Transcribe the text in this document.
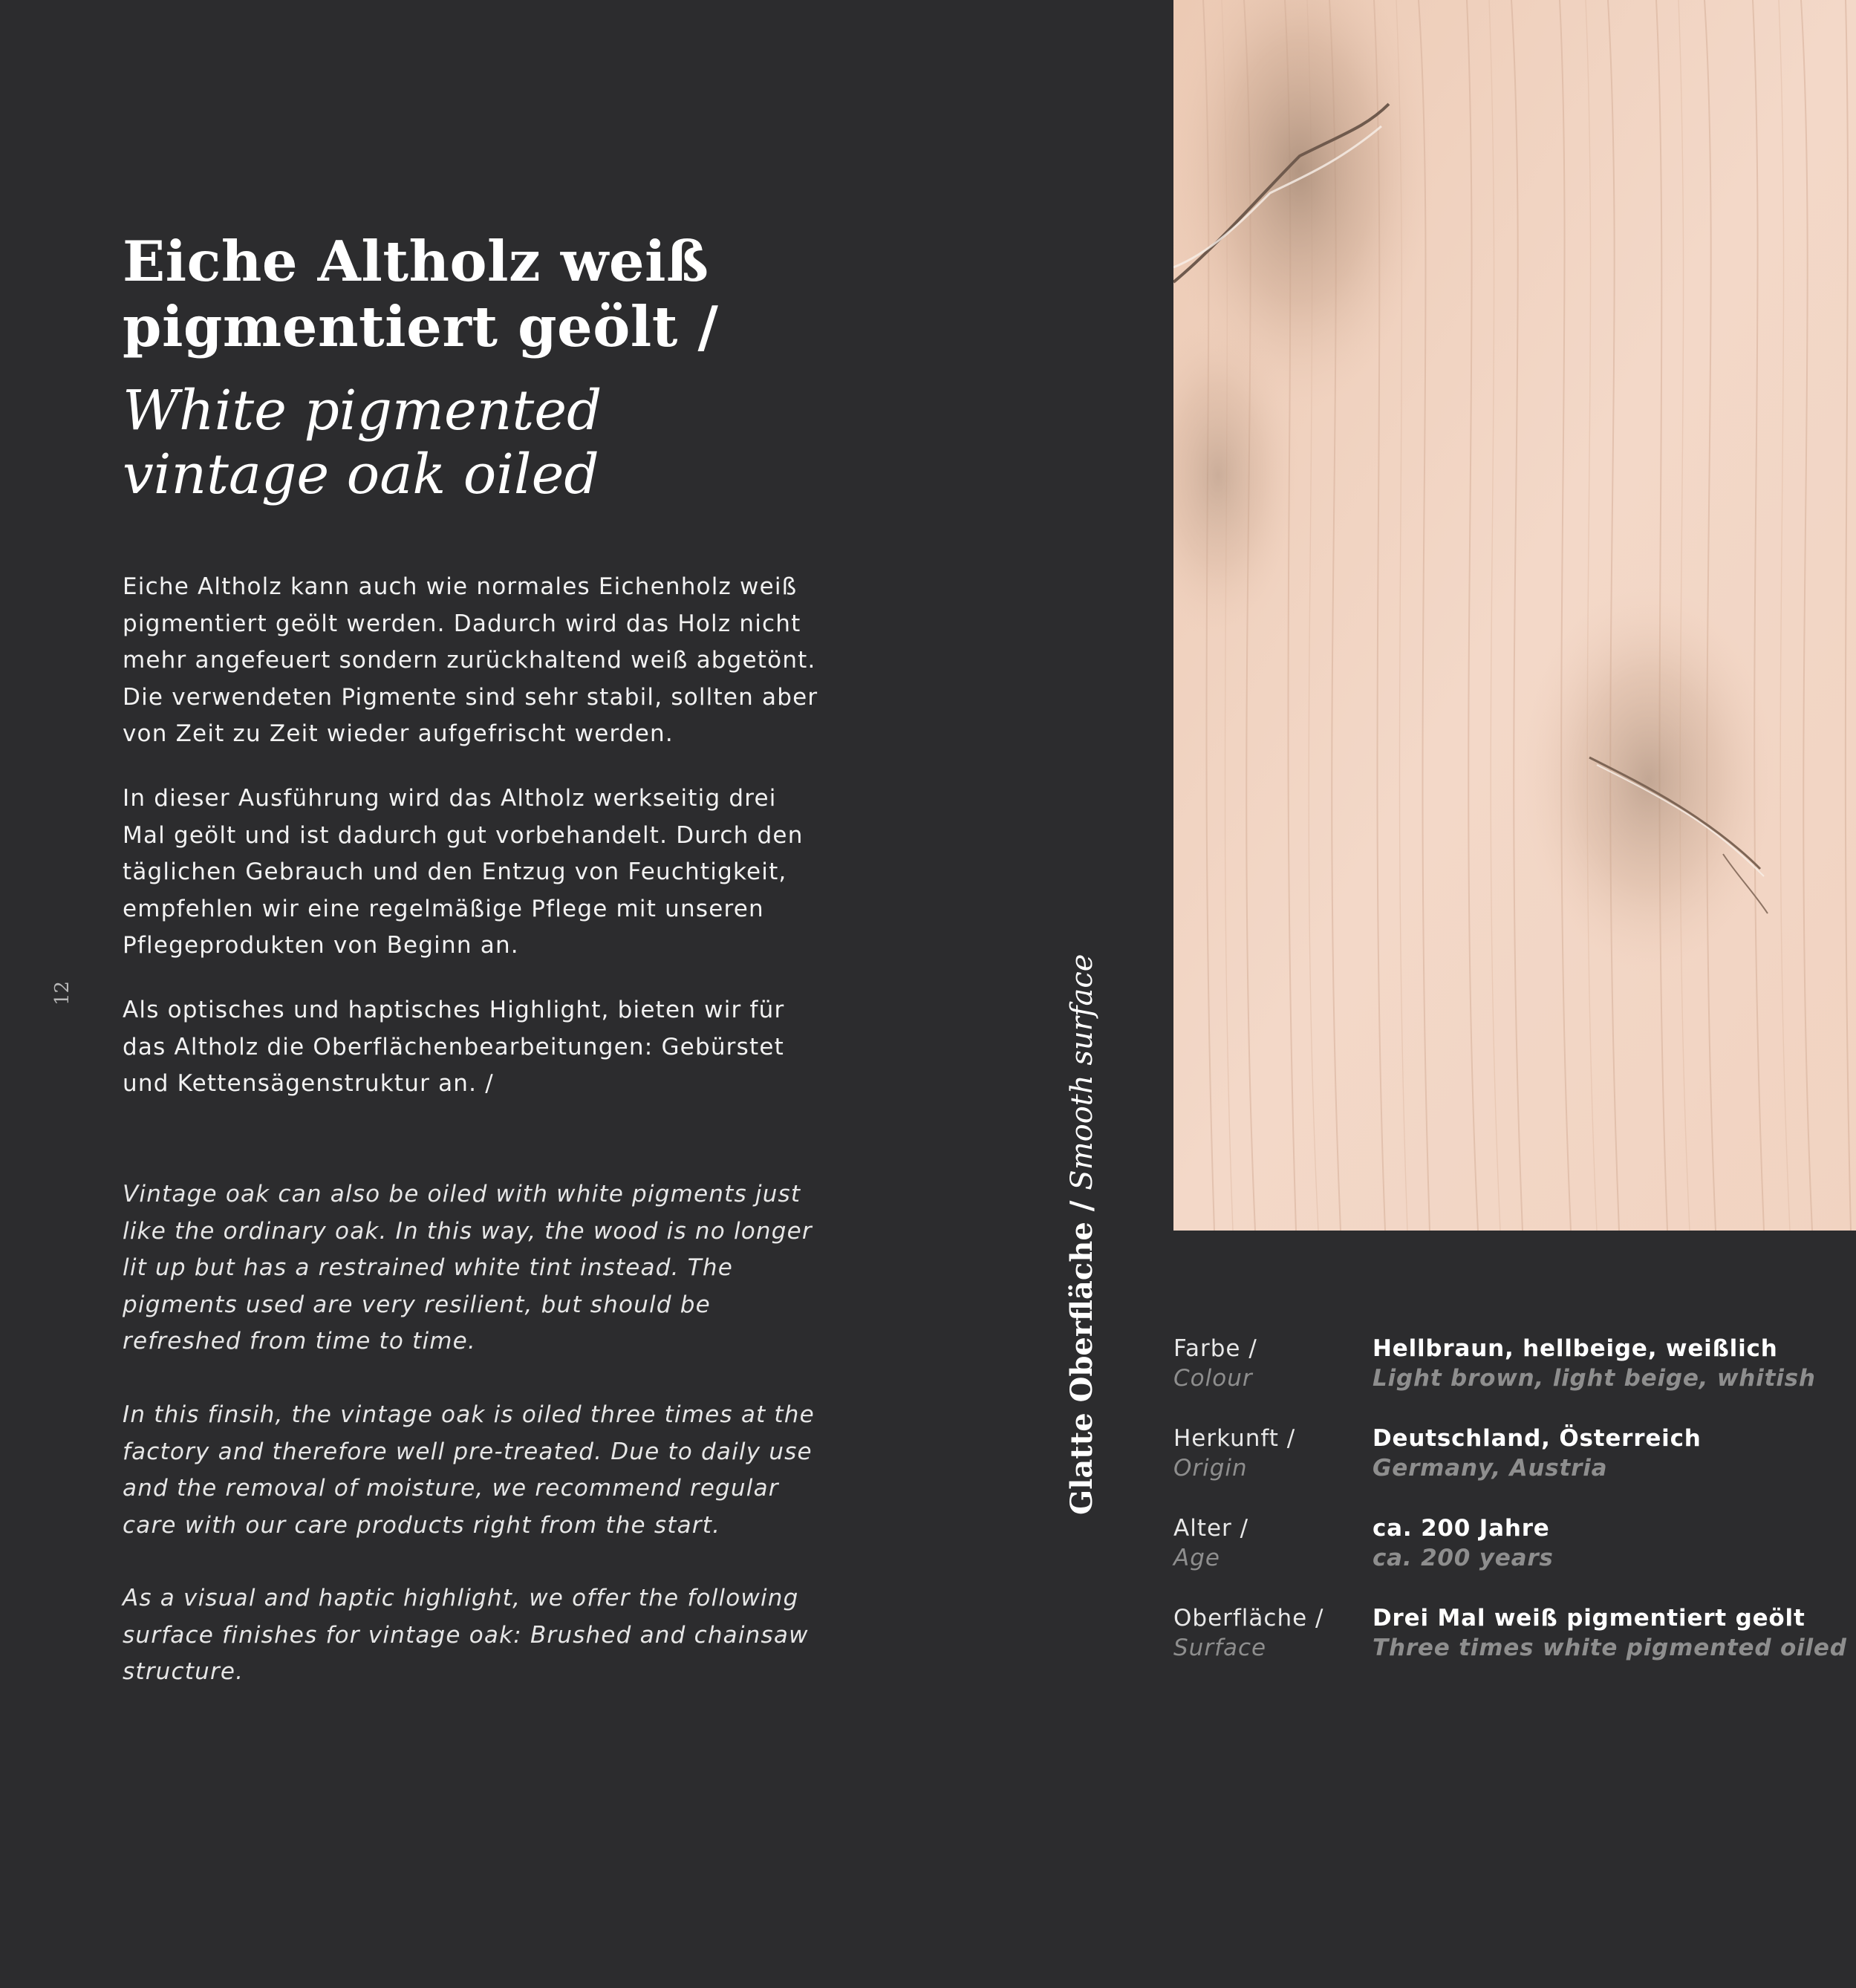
12
Eiche Altholz weiß
pigmentiert geölt /
White pigmented
vintage oak oiled

Eiche Altholz kann auch wie normales Eichenholz weiß pigmentiert geölt werden. Dadurch wird das Holz nicht mehr angefeuert sondern zurückhaltend weiß abgetönt. Die verwendeten Pigmente sind sehr stabil, sollten aber von Zeit zu Zeit wieder aufgefrischt werden.

In dieser Ausführung wird das Altholz werkseitig drei Mal geölt und ist dadurch gut vorbehandelt. Durch den täglichen Gebrauch und den Entzug von Feuchtigkeit, empfehlen wir eine regelmäßige Pflege mit unseren Pflegeprodukten von Beginn an.

Als optisches und haptisches Highlight, bieten wir für das Altholz die Oberflächenbearbeitungen: Gebürstet und Kettensägenstruktur an. /

Vintage oak can also be oiled with white pigments just like the ordinary oak. In this way, the wood is no longer lit up but has a restrained white tint instead. The pigments used are very resilient, but should be refreshed from time to time.

In this finsih, the vintage oak is oiled three times at the factory and therefore well pre-treated. Due to daily use and the removal of moisture, we recommend regular care with our care products right from the start.

As a visual and haptic highlight, we offer the following surface finishes for vintage oak: Brushed and chainsaw structure.

Glatte Oberfläche / Smooth surface
Farbe /
Colour
Hellbraun, hellbeige, weißlich
Light brown, light beige, whitish
Herkunft /
Origin
Deutschland, Österreich
Germany, Austria
Alter /
Age
ca. 200 Jahre
ca. 200 years
Oberfläche /
Surface
Drei Mal weiß pigmentiert geölt
Three times white pigmented oiled
